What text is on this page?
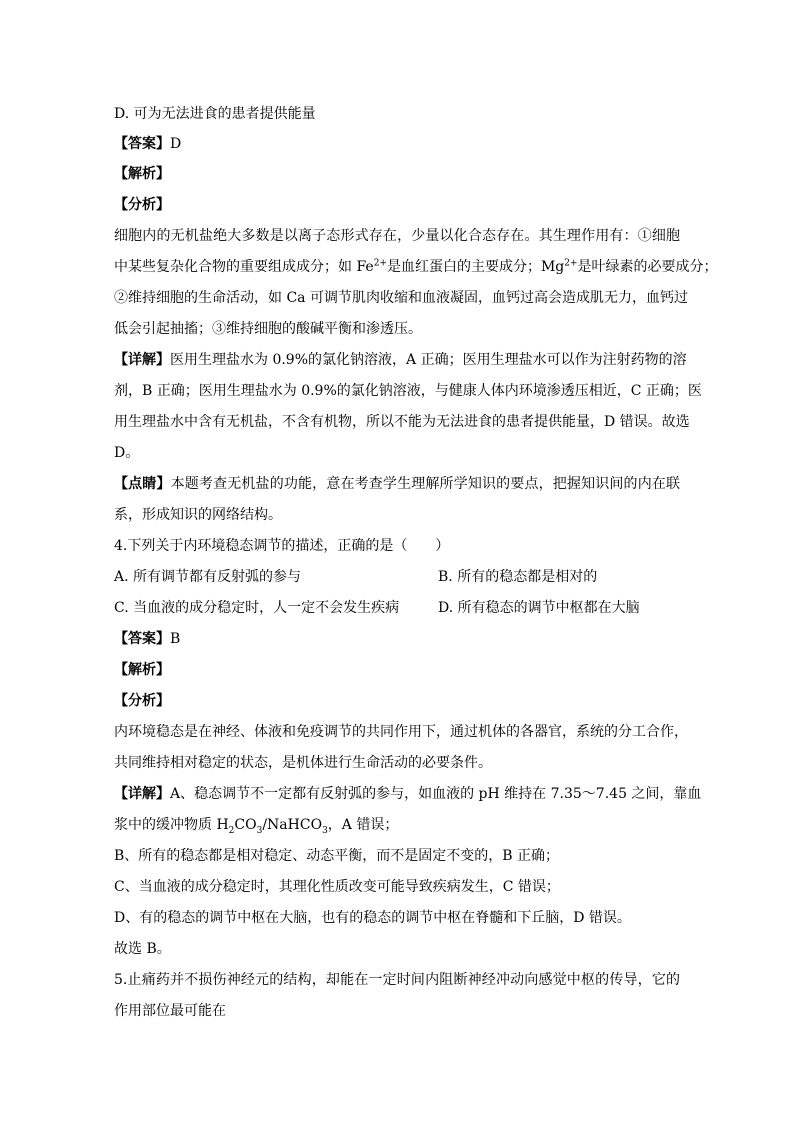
D. 可为无法进食的患者提供能量
【答案】D
【解析】
【分析】
细胞内的无机盐绝大多数是以离子态形式存在，少量以化合态存在。其生理作用有：①细胞
中某些复杂化合物的重要组成成分；如 $Fe^{2+}$是血红蛋白的主要成分；$Mg^{2+}$是叶绿素的必要成分；
②维持细胞的生命活动，如 Ca 可调节肌肉收缩和血液凝固，血钙过高会造成肌无力，血钙过
低会引起抽搐；③维持细胞的酸碱平衡和渗透压。
【详解】医用生理盐水为 0.9%的氯化钠溶液，A 正确；医用生理盐水可以作为注射药物的溶
剂，B 正确；医用生理盐水为 0.9%的氯化钠溶液，与健康人体内环境渗透压相近，C 正确；医
用生理盐水中含有无机盐，不含有机物，所以不能为无法进食的患者提供能量，D 错误。故选
D。
【点睛】本题考查无机盐的功能，意在考查学生理解所学知识的要点，把握知识间的内在联
系，形成知识的网络结构。
4.下列关于内环境稳态调节的描述，正确的是（　　）
A. 所有调节都有反射弧的参与	B. 所有的稳态都是相对的
C. 当血液的成分稳定时，人一定不会发生疾病	D. 所有稳态的调节中枢都在大脑
【答案】B
【解析】
【分析】
内环境稳态是在神经、体液和免疫调节的共同作用下，通过机体的各器官，系统的分工合作，
共同维持相对稳定的状态，是机体进行生命活动的必要条件。
【详解】A、稳态调节不一定都有反射弧的参与，如血液的 pH 维持在 7.35～7.45 之间，靠血
浆中的缓冲物质 $H_2CO_3/NaHCO_3$，A 错误；
B、所有的稳态都是相对稳定、动态平衡，而不是固定不变的，B 正确；
C、当血液的成分稳定时，其理化性质改变可能导致疾病发生，C 错误；
D、有的稳态的调节中枢在大脑，也有的稳态的调节中枢在脊髓和下丘脑，D 错误。
故选 B。
5.止痛药并不损伤神经元的结构，却能在一定时间内阻断神经冲动向感觉中枢的传导，它的
作用部位最可能在
